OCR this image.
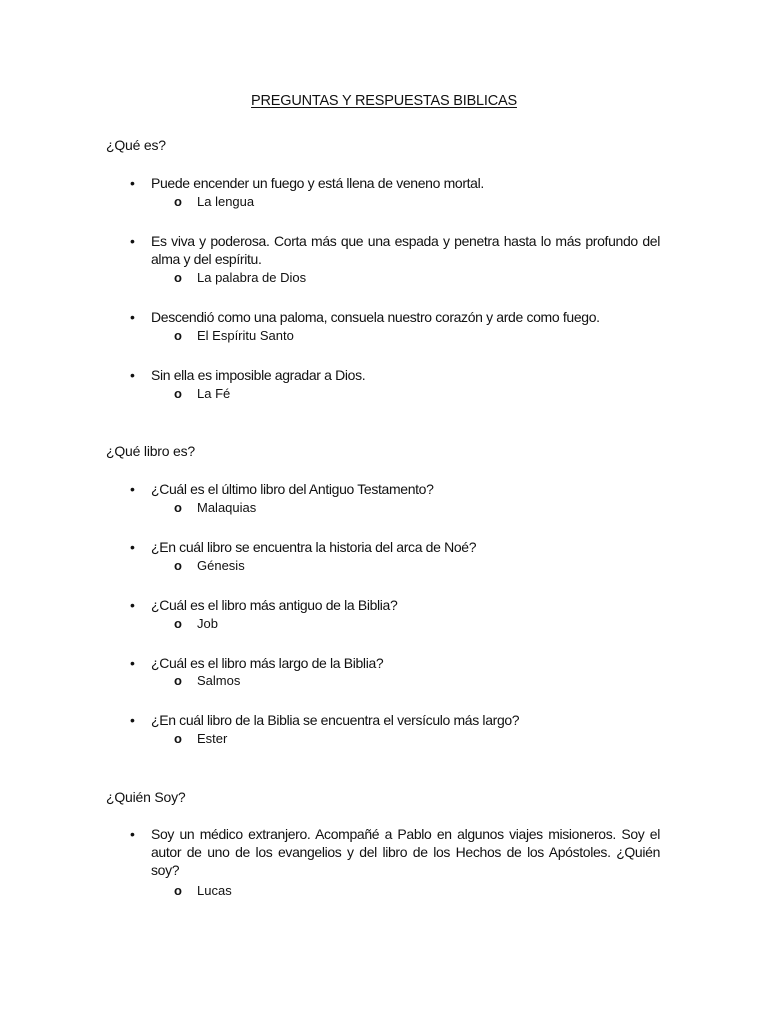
PREGUNTAS Y RESPUESTAS BIBLICAS

¿Qué es?

•	Puede encender un fuego y está llena de veneno mortal.

o La lengua

•	Es viva y poderosa. Corta más que una espada y penetra hasta lo más profundo del alma y del espíritu.

o La palabra de Dios

•	Descendió como una paloma, consuela nuestro corazón y arde como fuego.

o El Espíritu Santo

•	Sin ella es imposible agradar a Dios.

o La Fé

¿Qué libro es?

•	¿Cuál es el último libro del Antiguo Testamento?

o Malaquias

•	¿En cuál libro se encuentra la historia del arca de Noé?

o Génesis

•	¿Cuál es el libro más antiguo de la Biblia?

o Job

•	¿Cuál es el libro más largo de la Biblia?

o Salmos

•	¿En cuál libro de la Biblia se encuentra el versículo más largo?

o Ester

¿Quién Soy?

•	Soy un médico extranjero. Acompañé a Pablo en algunos viajes misioneros. Soy el autor de uno de los evangelios y del libro de los Hechos de los Apóstoles. ¿Quién soy?

o Lucas
